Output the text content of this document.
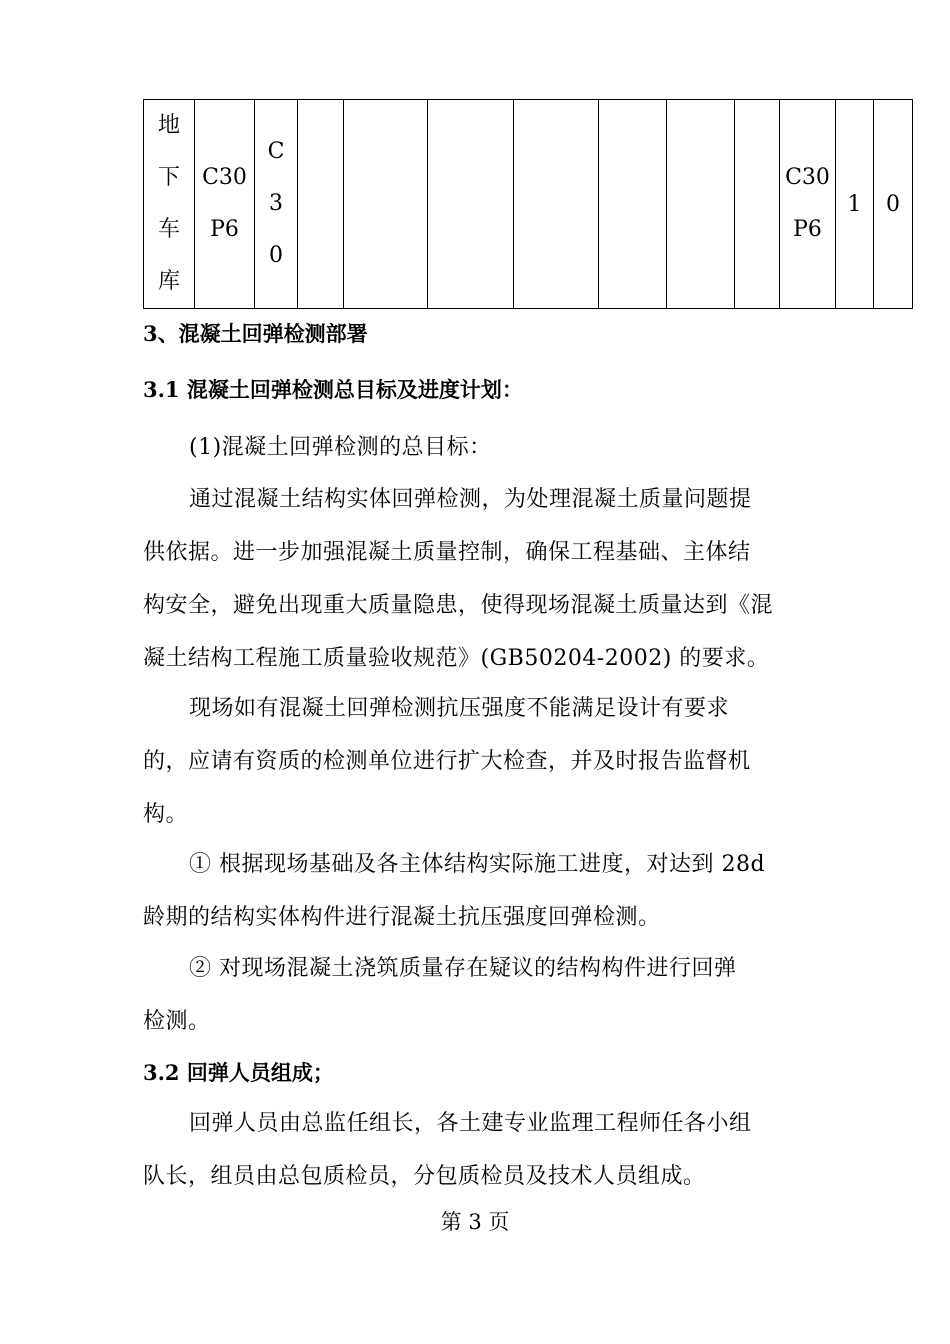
地下车库	C30P6	C30								C30P6	1	0
3、混凝土回弹检测部署
3.1 混凝土回弹检测总目标及进度计划：
(1)混凝土回弹检测的总目标：
通过混凝土结构实体回弹检测，为处理混凝土质量问题提
供依据。进一步加强混凝土质量控制，确保工程基础、主体结
构安全，避免出现重大质量隐患，使得现场混凝土质量达到《混
凝土结构工程施工质量验收规范》(GB50204-2002) 的要求。
现场如有混凝土回弹检测抗压强度不能满足设计有要求
的，应请有资质的检测单位进行扩大检查，并及时报告监督机
构。
① 根据现场基础及各主体结构实际施工进度，对达到 28d
龄期的结构实体构件进行混凝土抗压强度回弹检测。
② 对现场混凝土浇筑质量存在疑议的结构构件进行回弹
检测。
3.2 回弹人员组成；
回弹人员由总监任组长，各土建专业监理工程师任各小组
队长，组员由总包质检员，分包质检员及技术人员组成。
第 3 页
